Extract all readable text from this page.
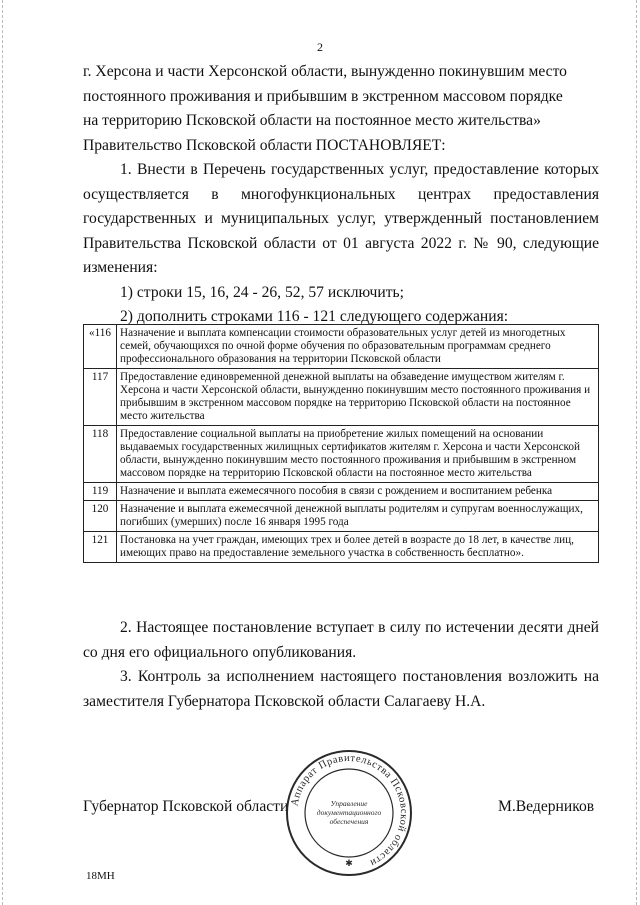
2

г. Херсона и части Херсонской области, вынужденно покинувшим место

постоянного проживания и прибывшим в экстренном массовом порядке

на территорию Псковской области на постоянное место жительства»

Правительство Псковской области ПОСТАНОВЛЯЕТ:

1. Внести в Перечень государственных услуг, предоставление которых осуществляется в многофункциональных центрах предоставления государственных и муниципальных услуг, утвержденный постановлением Правительства Псковской области от 01 августа 2022 г. № 90, следующие изменения:

1) строки 15, 16, 24 - 26, 52, 57 исключить;

2) дополнить строками 116 - 121 следующего содержания:

«116	Назначение и выплата компенсации стоимости образовательных услуг детей из многодетных семей, обучающихся по очной форме обучения по образовательным программам среднего профессионального образования на территории Псковской области
117	Предоставление единовременной денежной выплаты на обзаведение имуществом жителям г. Херсона и части Херсонской области, вынужденно покинувшим место постоянного проживания и прибывшим в экстренном массовом порядке на территорию Псковской области на постоянное место жительства
118	Предоставление социальной выплаты на приобретение жилых помещений на основании выдаваемых государственных жилищных сертификатов жителям г. Херсона и части Херсонской области, вынужденно покинувшим место постоянного проживания и прибывшим в экстренном массовом порядке на территорию Псковской области на постоянное место жительства
119	Назначение и выплата ежемесячного пособия в связи с рождением и воспитанием ребенка
120	Назначение и выплата ежемесячной денежной выплаты родителям и супругам военнослужащих, погибших (умерших) после 16 января 1995 года
121	Постановка на учет граждан, имеющих трех и более детей в возрасте до 18 лет, в качестве лиц, имеющих право на предоставление земельного участка в собственность бесплатно».

2. Настоящее постановление вступает в силу по истечении десяти дней со дня его официального опубликования.

3. Контроль за исполнением настоящего постановления возложить на заместителя Губернатора Псковской области Салагаеву Н.А.

Губернатор Псковской области	М.Ведерников
Аппарат Правительства Псковской области
Управление
документационного
обеспечения
✱
18МН
